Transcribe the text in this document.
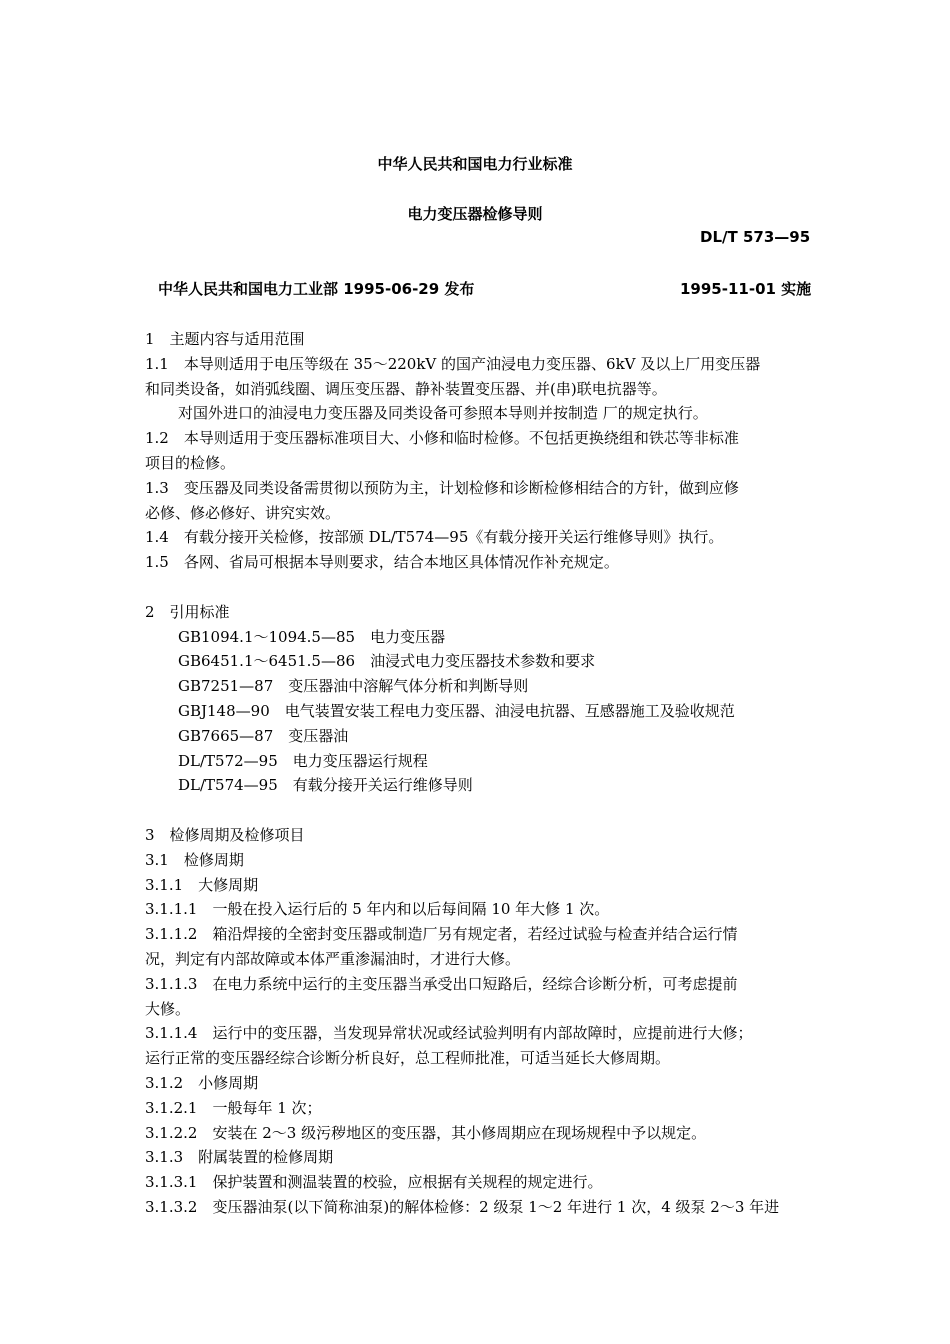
中华人民共和国电力行业标准
电力变压器检修导则
DL/T 573—95
中华人民共和国电力工业部 1995-06-29 发布	1995-11-01 实施
1　主题内容与适用范围
1.1　本导则适用于电压等级在 35～220kV 的国产油浸电力变压器、6kV 及以上厂用变压器
和同类设备，如消弧线圈、调压变压器、静补装置变压器、并(串)联电抗器等。
对国外进口的油浸电力变压器及同类设备可参照本导则并按制造 厂的规定执行。
1.2　本导则适用于变压器标准项目大、小修和临时检修。不包括更换绕组和铁芯等非标准
项目的检修。
1.3　变压器及同类设备需贯彻以预防为主，计划检修和诊断检修相结合的方针，做到应修
必修、修必修好、讲究实效。
1.4　有载分接开关检修，按部颁 DL/T574—95《有载分接开关运行维修导则》执行。
1.5　各网、省局可根据本导则要求，结合本地区具体情况作补充规定。
2　引用标准
GB1094.1～1094.5—85　电力变压器
GB6451.1～6451.5—86　油浸式电力变压器技术参数和要求
GB7251—87　变压器油中溶解气体分析和判断导则
GBJ148—90　电气装置安装工程电力变压器、油浸电抗器、互感器施工及验收规范
GB7665—87　变压器油
DL/T572—95　电力变压器运行规程
DL/T574—95　有载分接开关运行维修导则
3　检修周期及检修项目
3.1　检修周期
3.1.1　大修周期
3.1.1.1　一般在投入运行后的 5 年内和以后每间隔 10 年大修 1 次。
3.1.1.2　箱沿焊接的全密封变压器或制造厂另有规定者，若经过试验与检查并结合运行情
况，判定有内部故障或本体严重渗漏油时，才进行大修。
3.1.1.3　在电力系统中运行的主变压器当承受出口短路后，经综合诊断分析，可考虑提前
大修。
3.1.1.4　运行中的变压器，当发现异常状况或经试验判明有内部故障时，应提前进行大修；
运行正常的变压器经综合诊断分析良好，总工程师批准，可适当延长大修周期。
3.1.2　小修周期
3.1.2.1　一般每年 1 次；
3.1.2.2　安装在 2～3 级污秽地区的变压器，其小修周期应在现场规程中予以规定。
3.1.3　附属装置的检修周期
3.1.3.1　保护装置和测温装置的校验，应根据有关规程的规定进行。
3.1.3.2　变压器油泵(以下简称油泵)的解体检修：2 级泵 1～2 年进行 1 次，4 级泵 2～3 年进
